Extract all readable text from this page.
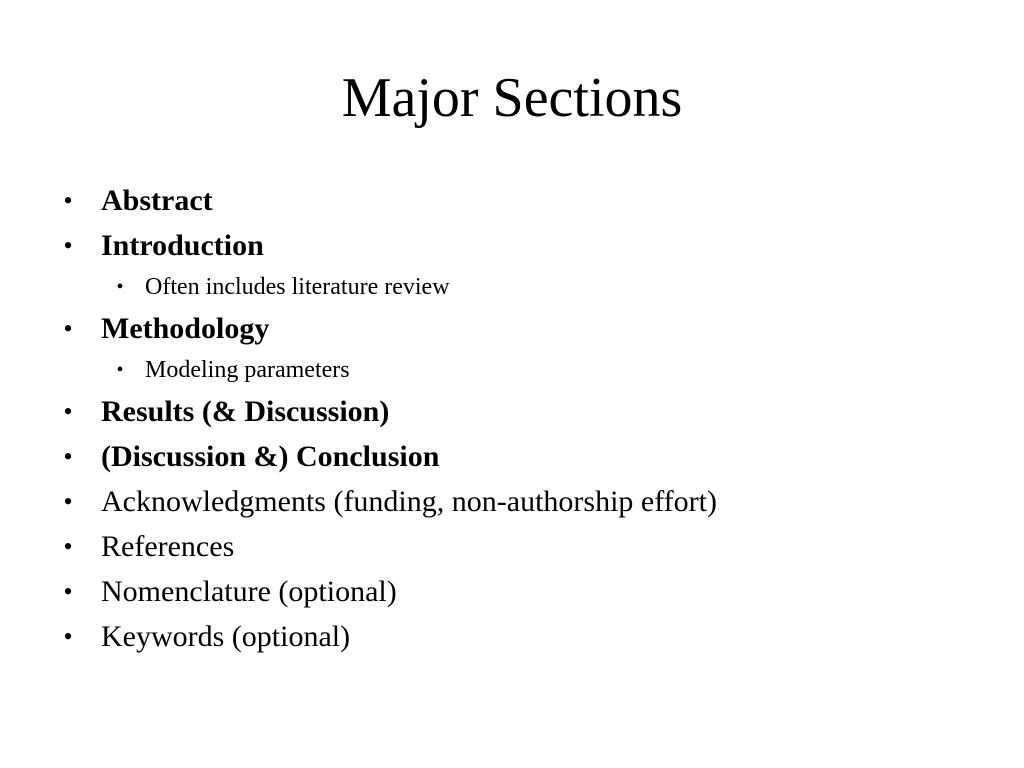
Major Sections
• Abstract
• Introduction
• Often includes literature review
• Methodology
• Modeling parameters
• Results (& Discussion)
• (Discussion &) Conclusion
• Acknowledgments (funding, non-authorship effort)
• References
• Nomenclature (optional)
• Keywords (optional)
